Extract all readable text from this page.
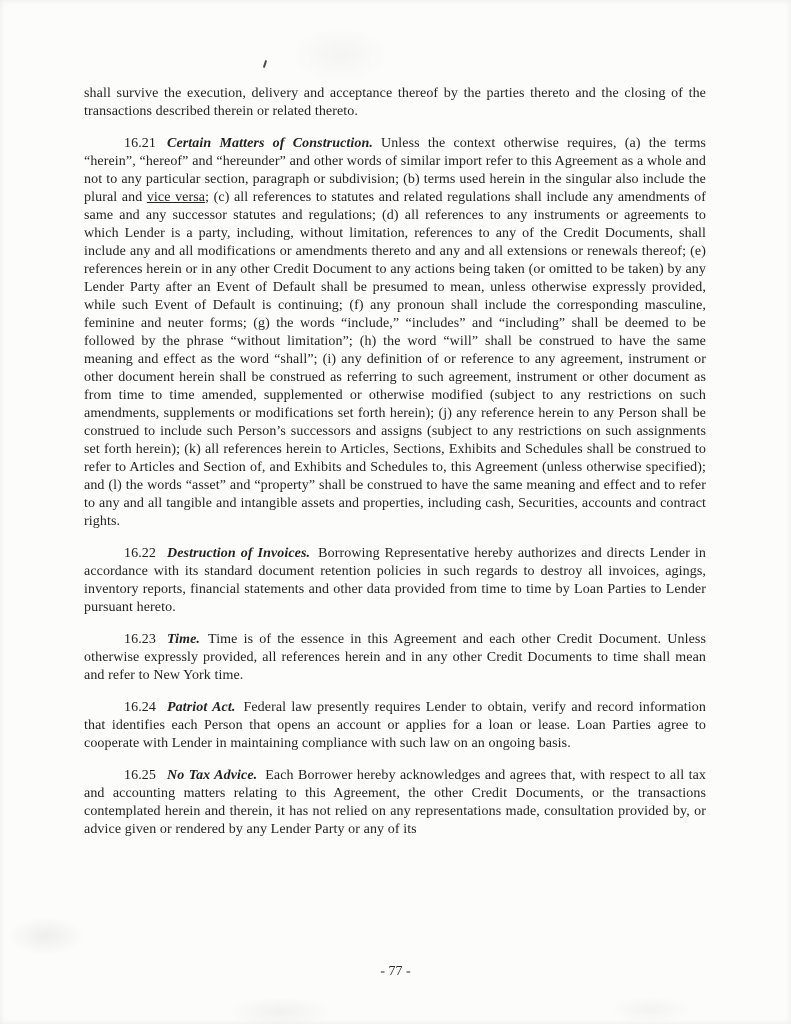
shall survive the execution, delivery and acceptance thereof by the parties thereto and the closing of the transactions described therein or related thereto.

16.21 Certain Matters of Construction. Unless the context otherwise requires, (a) the terms “herein”, “hereof” and “hereunder” and other words of similar import refer to this Agreement as a whole and not to any particular section, paragraph or subdivision; (b) terms used herein in the singular also include the plural and vice versa; (c) all references to statutes and related regulations shall include any amendments of same and any successor statutes and regulations; (d) all references to any instruments or agreements to which Lender is a party, including, without limitation, references to any of the Credit Documents, shall include any and all modifications or amendments thereto and any and all extensions or renewals thereof; (e) references herein or in any other Credit Document to any actions being taken (or omitted to be taken) by any Lender Party after an Event of Default shall be presumed to mean, unless otherwise expressly provided, while such Event of Default is continuing; (f) any pronoun shall include the corresponding masculine, feminine and neuter forms; (g) the words “include,” “includes” and “including” shall be deemed to be followed by the phrase “without limitation”; (h) the word “will” shall be construed to have the same meaning and effect as the word “shall”; (i) any definition of or reference to any agreement, instrument or other document herein shall be construed as referring to such agreement, instrument or other document as from time to time amended, supplemented or otherwise modified (subject to any restrictions on such amendments, supplements or modifications set forth herein); (j) any reference herein to any Person shall be construed to include such Person’s successors and assigns (subject to any restrictions on such assignments set forth herein); (k) all references herein to Articles, Sections, Exhibits and Schedules shall be construed to refer to Articles and Section of, and Exhibits and Schedules to, this Agreement (unless otherwise specified); and (l) the words “asset” and “property” shall be construed to have the same meaning and effect and to refer to any and all tangible and intangible assets and properties, including cash, Securities, accounts and contract rights.

16.22 Destruction of Invoices. Borrowing Representative hereby authorizes and directs Lender in accordance with its standard document retention policies in such regards to destroy all invoices, agings, inventory reports, financial statements and other data provided from time to time by Loan Parties to Lender pursuant hereto.

16.23 Time. Time is of the essence in this Agreement and each other Credit Document. Unless otherwise expressly provided, all references herein and in any other Credit Documents to time shall mean and refer to New York time.

16.24 Patriot Act. Federal law presently requires Lender to obtain, verify and record information that identifies each Person that opens an account or applies for a loan or lease. Loan Parties agree to cooperate with Lender in maintaining compliance with such law on an ongoing basis.

16.25 No Tax Advice. Each Borrower hereby acknowledges and agrees that, with respect to all tax and accounting matters relating to this Agreement, the other Credit Documents, or the transactions contemplated herein and therein, it has not relied on any representations made, consultation provided by, or advice given or rendered by any Lender Party or any of its

- 77 -
